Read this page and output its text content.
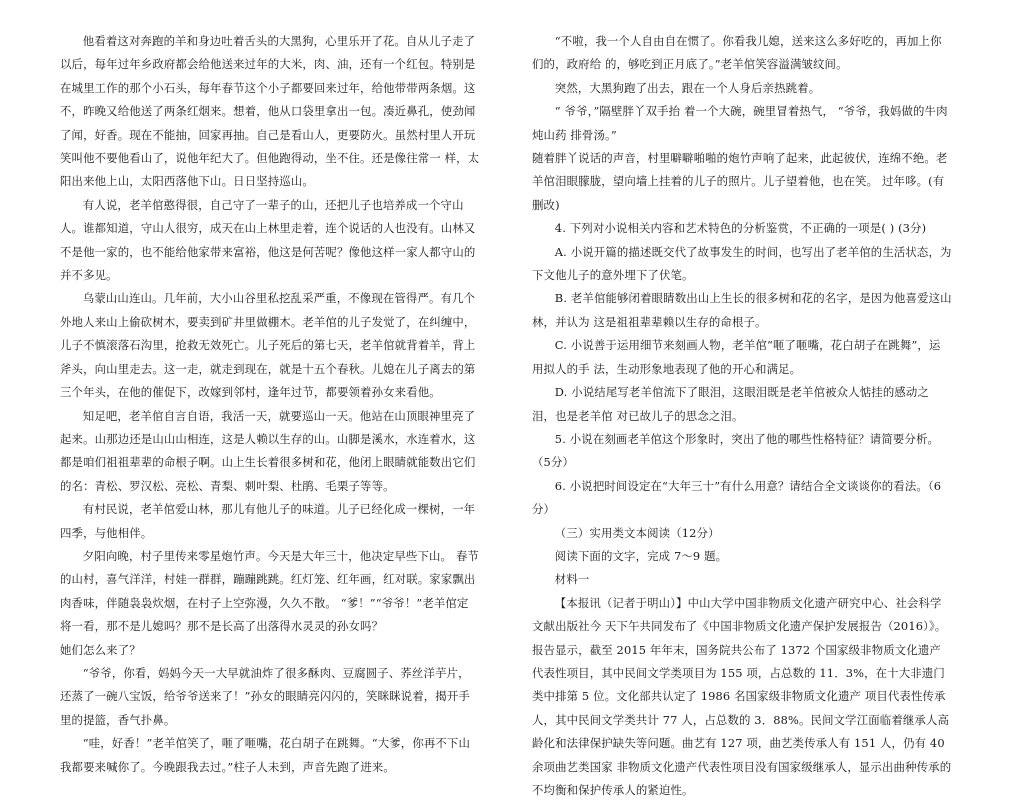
他看着这对奔跑的羊和身边吐着舌头的大黑狗，心里乐开了花。自从儿子走了以后，每年过年乡政府都会给他送来过年的大米，肉、油，还有一个红包。特别是在城里工作的那个小石头，每年春节这个小子都要回来过年，给他带带两条烟。这不，昨晚又给他送了两条红烟来。想着，他从口袋里拿出一包。凑近鼻孔，使劲闻了闻，好香。现在不能抽，回家再抽。自己是看山人，更要防火。虽然村里人开玩笑叫他不要他看山了，说他年纪大了。但他跑得动，坐不住。还是像往常一 样，太阳出来他上山，太阳西落他下山。日日坚持巡山。

有人说，老羊倌憨得很，自己守了一辈子的山，还把儿子也培养成一个守山人。谁都知道，守山人很穷，成天在山上林里走着，连个说话的人也没有。山林又不是他一家的，也不能给他家带来富裕，他这是何苦呢？像他这样一家人都守山的并不多见。

乌蒙山山连山。几年前，大小山谷里私挖乱采严重，不像现在管得严。有几个外地人来山上偷砍树木，要卖到矿井里做棚木。老羊倌的儿子发觉了，在纠缠中，儿子不慎滚落石沟里，抢救无效死亡。儿子死后的第七天，老羊倌就背着羊，背上斧头，向山里走去。这一走，就走到现在，就是十五个春秋。儿媳在儿子离去的第三个年头，在他的催促下，改嫁到邻村，逢年过节，都要领着孙女来看他。

知足吧，老羊倌自言自语，我活一天，就要巡山一天。他站在山顶眼神里亮了起来。山那边还是山山山相连，这是人赖以生存的山。山脚是溪水，水连着水，这都是咱们祖祖辈辈的命根子啊。山上生长着很多树和花，他闭上眼睛就能数出它们的名：青松、罗汉松、亮松、青梨、刺叶梨、杜鹃、毛栗子等等。

有村民说，老羊倌爱山林，那儿有他儿子的味道。儿子已经化成一棵树，一年四季，与他相伴。

夕阳向晚，村子里传来零星炮竹声。今天是大年三十，他决定早些下山。 春节的山村，喜气洋洋，村娃一群群，蹦蹦跳跳。红灯笼、红年画，红对联。家家飘出肉香味，伴随袅袅炊烟，在村子上空弥漫，久久不散。 “爹！”“爷爷！”老羊倌定将一看，那不是儿媳吗？那不是长高了出落得水灵灵的孙女吗？

她们怎么来了？

“爷爷，你看，妈妈今天一大早就油炸了很多酥肉、豆腐圆子、荞丝洋芋片，还蒸了一碗八宝饭，给爷爷送来了！”孙女的眼睛亮闪闪的，笑眯眯说着，揭开手里的提篮，香气扑鼻。

“哇，好香！”老羊倌笑了，咂了咂嘴，花白胡子在跳舞。“大爹，你再不下山我都要来喊你了。今晚跟我去过。”柱子人未到，声音先跑了进来。

“不啦，我一个人自由自在惯了。你看我儿媳，送来这么多好吃的，再加上你们的，政府给 的，够吃到正月底了。”老羊倌笑容溢满皱纹间。

突然，大黑狗跑了出去，跟在一个人身后亲热跳着。

“ 爷爷，”隔壁胖丫双手抬 着一个大碗，碗里冒着热气， “爷爷，我妈做的牛肉炖山药 排骨汤。”

随着胖丫说话的声音，村里噼噼啪啪的炮竹声响了起来，此起彼伏，连绵不绝。老羊倌泪眼朦胧，望向墙上挂着的儿子的照片。儿子望着他，也在笑。 过年哆。(有删改)

4. 下列对小说相关内容和艺术特色的分析鉴赏，不正确的一项是( ) (3分)

A. 小说开篇的描述既交代了故事发生的时间，也写出了老羊倌的生活状态，为下文他儿子的意外埋下了伏笔。

B. 老羊倌能够闭着眼睛数出山上生长的很多树和花的名字，是因为他喜爱这山林，并认为 这是祖祖辈辈赖以生存的命根子。

C. 小说善于运用细节来刻画人物，老羊倌“咂了咂嘴，花白胡子在跳舞”，运用拟人的手 法，生动形象地表现了他的开心和满足。

D. 小说结尾写老羊倌流下了眼泪，这眼泪既是老羊倌被众人惦挂的感动之泪，也是老羊倌 对已故儿子的思念之泪。

5. 小说在刻画老羊倌这个形象时，突出了他的哪些性格特征？请简要分析。（5分）

6. 小说把时间设定在“大年三十”有什么用意？请结合全文谈谈你的看法。（6分）

（三）实用类文本阅读（12分）

阅读下面的文字，完成 7～9 题。

材料一

【本报讯（记者于明山）】中山大学中国非物质文化遗产研究中心、社会科学文献出版社今 天下午共同发布了《中国非物质文化遗产保护发展报告（2016）》。报告显示，截至 2015 年年末，国务院共公布了 1372 个国家级非物质文化遗产代表性项目，其中民间文学类项目为 155 项，占总数的 11．3%，在十大非遗门类中排第 5 位。文化部共认定了 1986 名国家级非物质文化遗产 项目代表性传承人，其中民间文学类共计 77 人，占总数的 3．88%。民间文学江面临着继承人高 龄化和法律保护缺失等问题。曲艺有 127 项，曲艺类传承人有 151 人，仍有 40 余项曲艺类国家 非物质文化遗产代表性项目没有国家级继承人，显示出曲种传承的不均衡和保护传承人的紧迫性。
